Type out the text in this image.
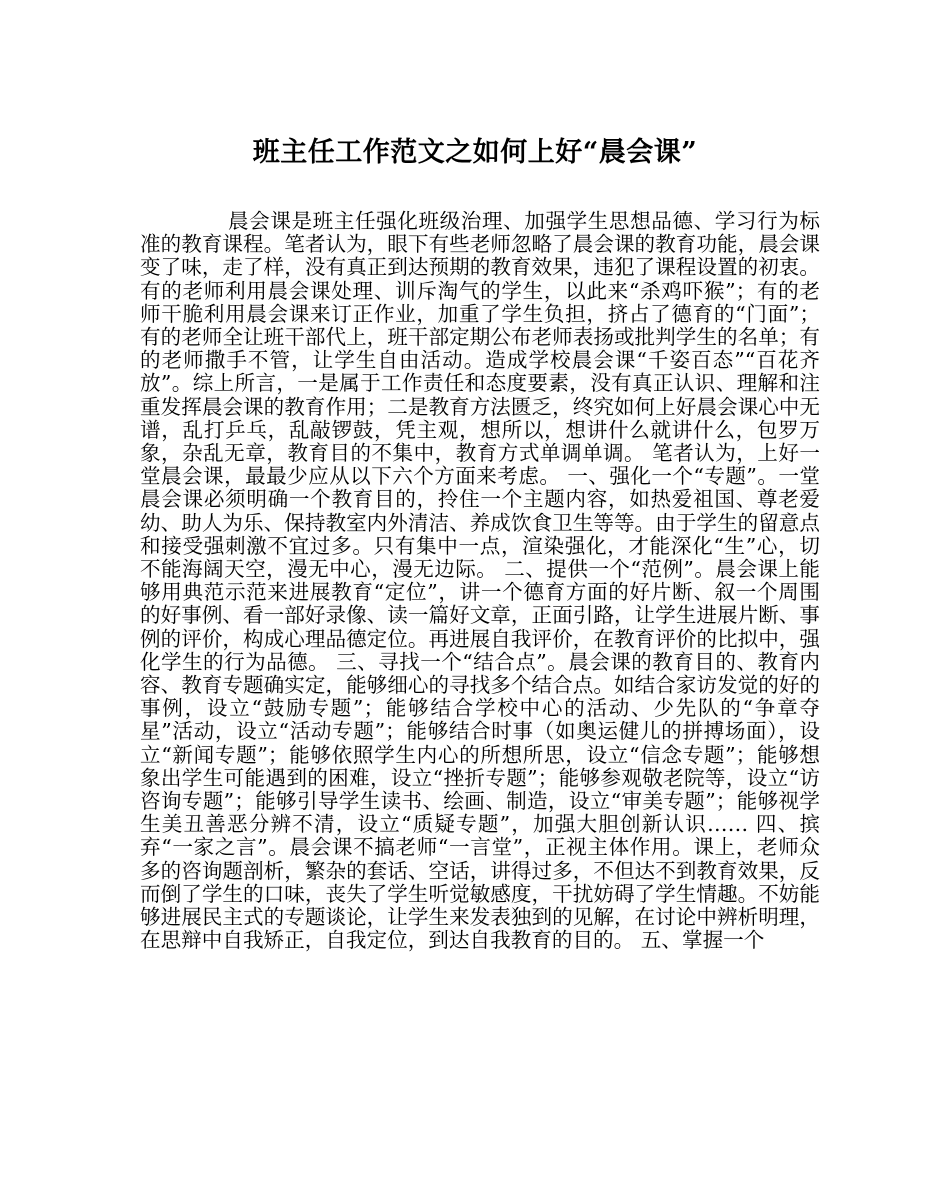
班主任工作范文之如何上好“晨会课”

晨会课是班主任强化班级治理、加强学生思想品德、学习行为标准的教育课程。笔者认为，眼下有些老师忽略了晨会课的教育功能，晨会课变了味，走了样，没有真正到达预期的教育效果，违犯了课程设置的初衷。有的老师利用晨会课处理、训斥淘气的学生，以此来“杀鸡吓猴”；有的老师干脆利用晨会课来订正作业，加重了学生负担，挤占了德育的“门面”；有的老师全让班干部代上，班干部定期公布老师表扬或批判学生的名单；有的老师撒手不管，让学生自由活动。造成学校晨会课“千姿百态”“百花齐放”。综上所言，一是属于工作责任和态度要素，没有真正认识、理解和注重发挥晨会课的教育作用；二是教育方法匮乏，终究如何上好晨会课心中无谱，乱打乒乓，乱敲锣鼓，凭主观，想所以，想讲什么就讲什么，包罗万象，杂乱无章，教育目的不集中，教育方式单调单调。 笔者认为，上好一堂晨会课，最最少应从以下六个方面来考虑。 一、强化一个“专题”。一堂晨会课必须明确一个教育目的，拎住一个主题内容，如热爱祖国、尊老爱幼、助人为乐、保持教室内外清洁、养成饮食卫生等等。由于学生的留意点和接受强刺激不宜过多。只有集中一点，渲染强化，才能深化“生”心，切不能海阔天空，漫无中心，漫无边际。 二、提供一个“范例”。晨会课上能够用典范示范来进展教育“定位”，讲一个德育方面的好片断、叙一个周围的好事例、看一部好录像、读一篇好文章，正面引路，让学生进展片断、事例的评价，构成心理品德定位。再进展自我评价，在教育评价的比拟中，强化学生的行为品德。 三、寻找一个“结合点”。晨会课的教育目的、教育内容、教育专题确实定，能够细心的寻找多个结合点。如结合家访发觉的好的事例，设立“鼓励专题”；能够结合学校中心的活动、少先队的“争章夺星”活动，设立“活动专题”；能够结合时事（如奥运健儿的拼搏场面），设立“新闻专题”；能够依照学生内心的所想所思，设立“信念专题”；能够想象出学生可能遇到的困难，设立“挫折专题”；能够参观敬老院等，设立“访咨询专题”；能够引导学生读书、绘画、制造，设立“审美专题”；能够视学生美丑善恶分辨不清，设立“质疑专题”，加强大胆创新认识…… 四、摈弃“一家之言”。晨会课不搞老师“一言堂”，正视主体作用。课上，老师众多的咨询题剖析，繁杂的套话、空话，讲得过多，不但达不到教育效果，反而倒了学生的口味，丧失了学生听觉敏感度，干扰妨碍了学生情趣。不妨能够进展民主式的专题谈论，让学生来发表独到的见解，在讨论中辨析明理，在思辩中自我矫正，自我定位，到达自我教育的目的。 五、掌握一个
